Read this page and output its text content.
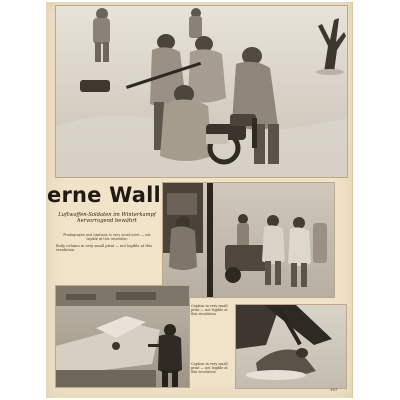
erne Wall

Luftwaffen-Soldaten im Winterkampf hervorragend bewährt

Photographs and captions in very small print — not legible at this resolution

Body column in very small print — not legible at this resolution

Caption in very small print — not legible at this resolution

Caption in very small print — not legible at this resolution

197
